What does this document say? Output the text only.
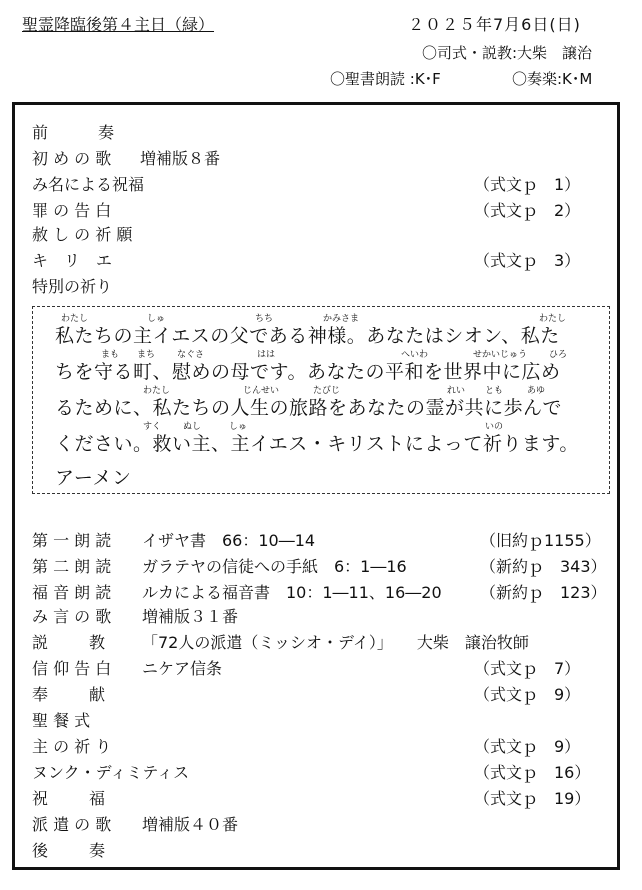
聖霊降臨後第４主日（緑）	２０２５年7月6日(日)
〇司式・説教:大柴　譲治
〇聖書朗読 :K･F	〇奏楽:K･M
前　　奏
初 め の 歌 増補版８番
み名による祝福	（式文ｐ　1）
罪 の 告 白	（式文ｐ　2）
赦 し の 祈 願
キ　リ　エ	（式文ｐ　3）
特別の祈り
わたし	しゅ	ちち	かみさま	わたし
私たちの主イエスの父である神様。あなたはシオン、私た
まも まち なぐさ	はは	へいわ	せかいじゅう ひろ
ちを守る町、慰めの母です。あなたの平和を世界中に広め
わたし	じんせい	たびじ	れい とも	あゆ
るために、私たちの人生の旅路をあなたの霊が共に歩んで
すく ぬし	しゅ	いの
ください。救い主、主イエス・キリストによって祈ります。
アーメン
第 一 朗 読 イザヤ書　66：10―14	（旧約ｐ1155）
第 二 朗 読 ガラテヤの信徒への手紙　6：1―16	（新約ｐ　343）
福 音 朗 読 ルカによる福音書　10：1―11、16―20 （新約ｐ　123）
み 言 の 歌 増補版３１番
説　　教 「72人の派遣（ミッシオ・デイ）」　　大柴　譲治牧師
信 仰 告 白 ニケア信条	（式文ｐ　7）
奉　　献	（式文ｐ　9）
聖 餐 式
主 の 祈 り	（式文ｐ　9）
ヌンク・ディミティス	（式文ｐ　16）
祝　　福	（式文ｐ　19）
派 遣 の 歌 増補版４０番
後　　奏
